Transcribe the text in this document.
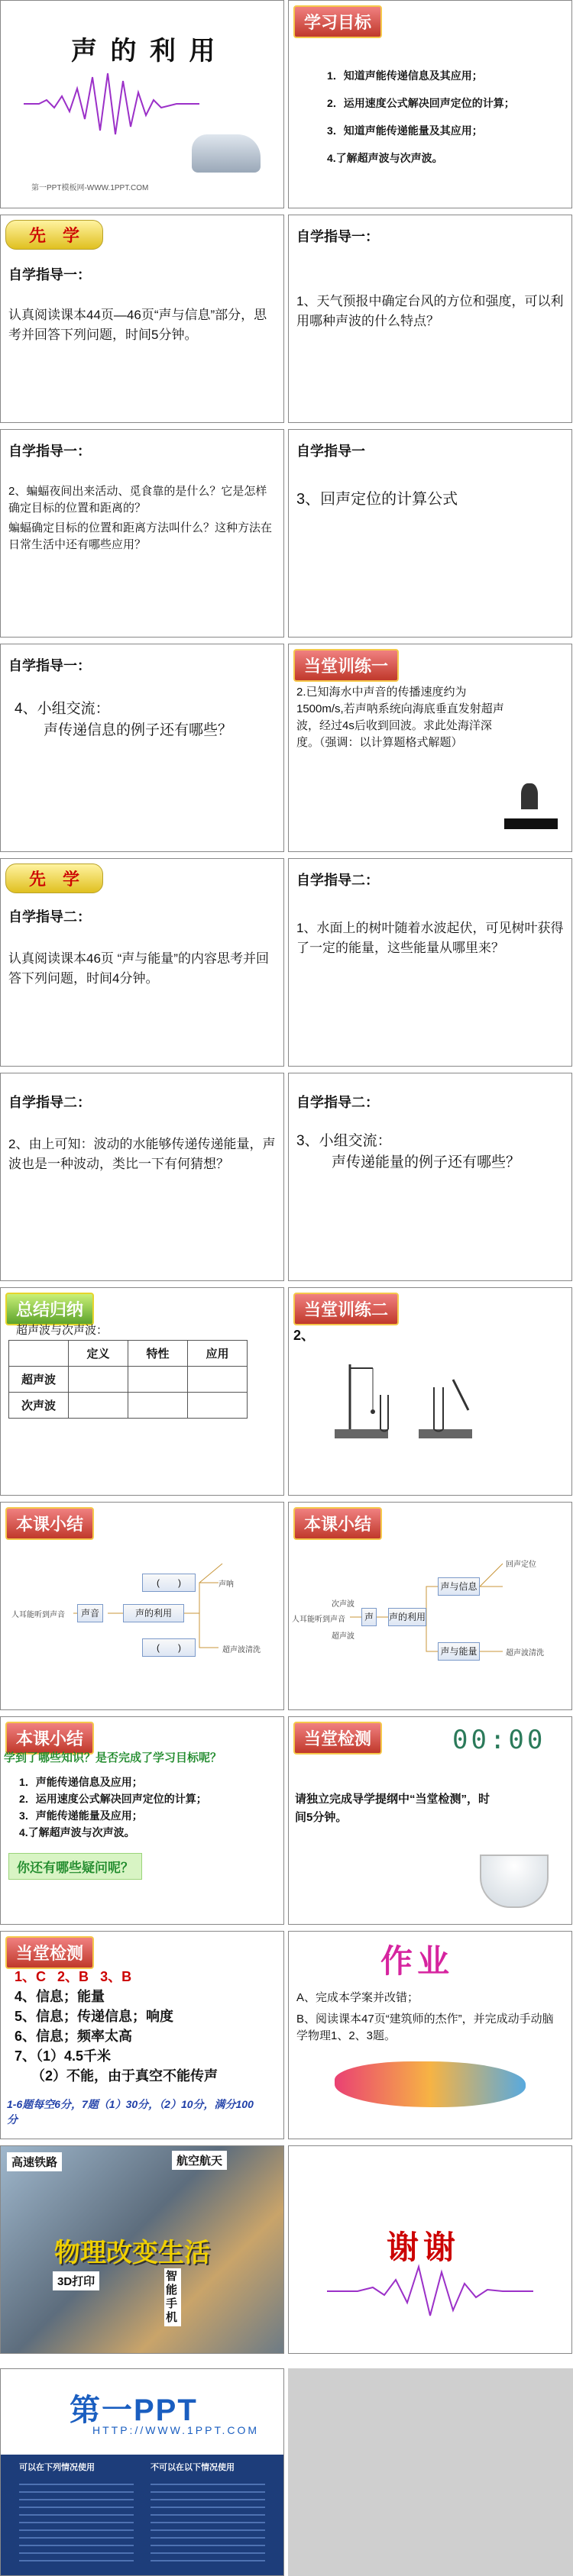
声 的 利 用
第一PPT模板网-WWW.1PPT.COM
学习目标
1．知道声能传递信息及其应用；
2．运用速度公式解决回声定位的计算；
3．知道声能传递能量及其应用；
4.了解超声波与次声波。
先　学
自学指导一：
认真阅读课本44页—46页“声与信息”部分，思考并回答下列问题，时间5分钟。
自学指导一：
1、天气预报中确定台风的方位和强度，可以利用哪种声波的什么特点？
自学指导一：
2、蝙蝠夜间出来活动、觅食靠的是什么？它是怎样确定目标的位置和距离的？
蝙蝠确定目标的位置和距离方法叫什么？这种方法在日常生活中还有哪些应用？
自学指导一
3、回声定位的计算公式
自学指导一：
4、小组交流：
声传递信息的例子还有哪些？
当堂训练一
2.已知海水中声音的传播速度约为1500m/s,若声呐系统向海底垂直发射超声波，经过4s后收到回波。求此处海洋深度。（强调：以计算题格式解题）
先　学
自学指导二：
认真阅读课本46页 “声与能量”的内容思考并回答下列问题，时间4分钟。
自学指导二：
1、水面上的树叶随着水波起伏，可见树叶获得了一定的能量，这些能量从哪里来？
自学指导二：
2、由上可知：波动的水能够传递传递能量，声波也是一种波动，类比一下有何猜想？
自学指导二：
3、小组交流：
声传递能量的例子还有哪些？
总结归纳
超声波与次声波：
	定义	特性	应用
超声波			
次声波			
当堂训练二
2、
本课小结
人耳能听到声音	声音	声的利用
(　　)
(　　)
声呐
超声波清洗
本课小结
次声波
人耳能听到声音
超声波
声	声的利用
声与信息
声与能量
回声定位
超声波清洗
本课小结
学到了哪些知识？是否完成了学习目标呢？
1．声能传递信息及应用；
2．运用速度公式解决回声定位的计算；
3．声能传递能量及应用；
4.了解超声波与次声波。
你还有哪些疑问呢？
当堂检测	00:00
请独立完成导学提纲中“当堂检测”，时间5分钟。
当堂检测
1、C 2、B 3、B
4、信息；能量
5、信息；传递信息；响度
6、信息；频率太高
7、（1）4.5千米
（2）不能，由于真空不能传声
1-6题每空6分，7题（1）30分，（2）10分，满分100分
作业
A、完成本学案并改错；
B、阅读课本47页“建筑师的杰作”，并完成动手动脑学物理1、2、3题。
高速铁路	航空航天
物理改变生活
3D打印	智能手机
谢谢
第一PPT
HTTP://WWW.1PPT.COM
可以在下列情况使用	不可以在以下情况使用
